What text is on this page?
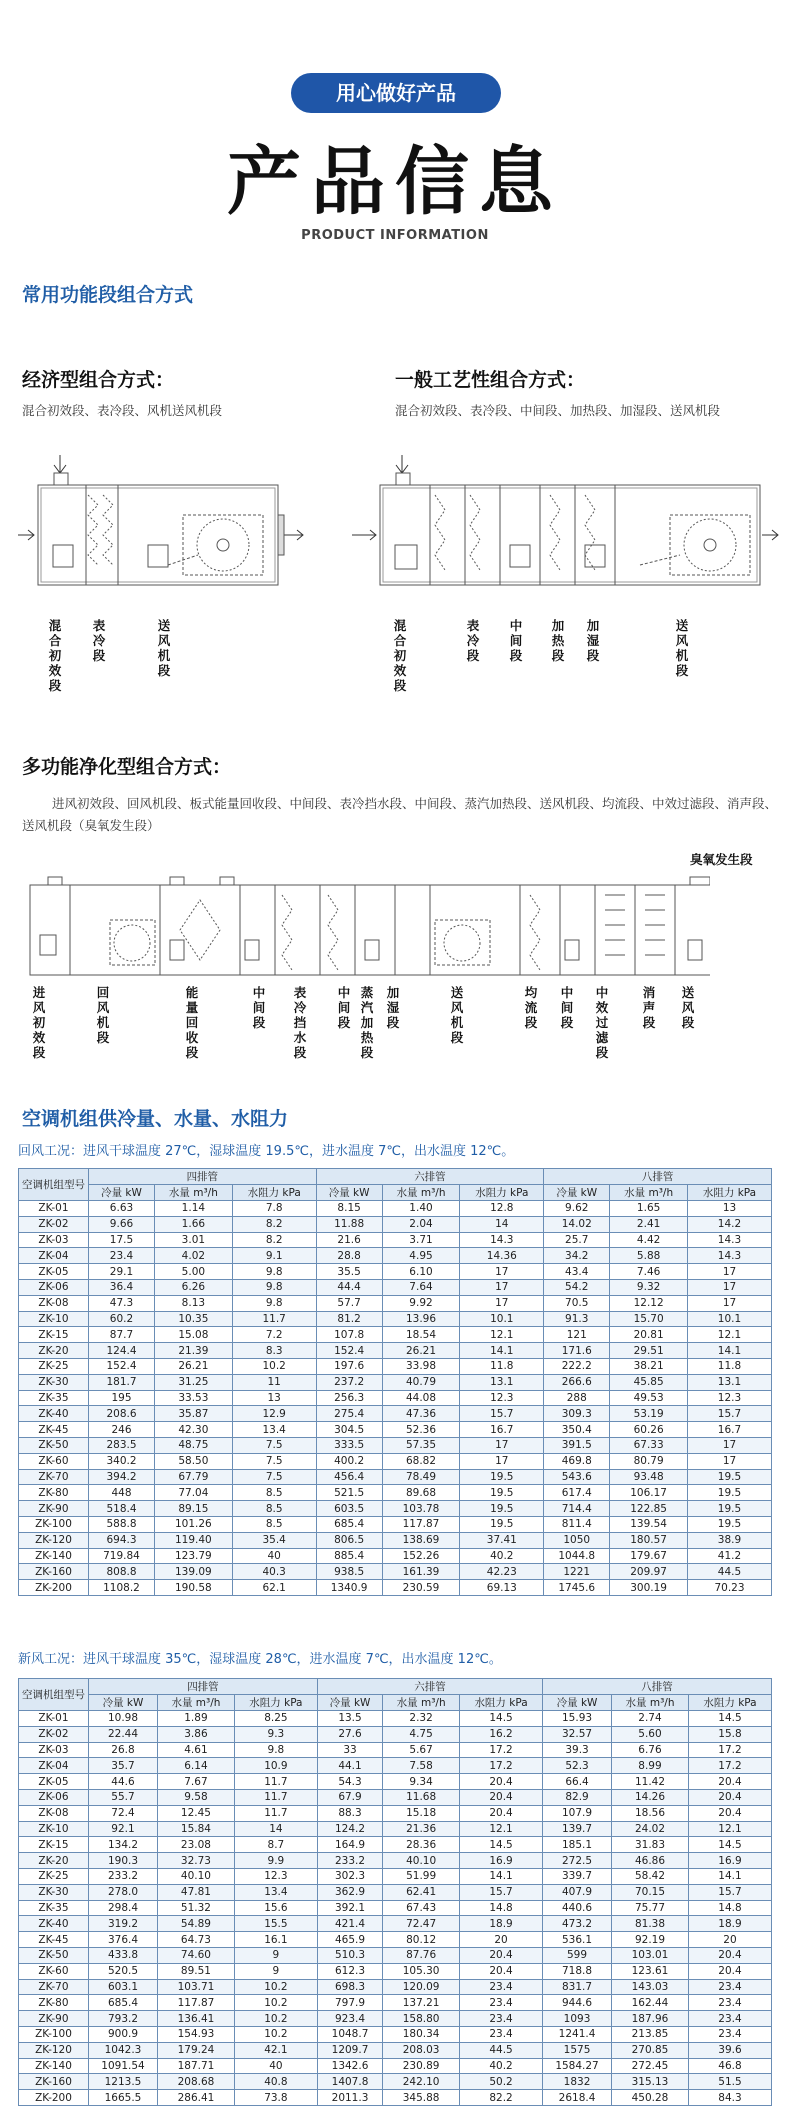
用心做好产品
产品信息
PRODUCT INFORMATION
常用功能段组合方式
经济型组合方式：
混合初效段、表冷段、风机送风机段
一般工艺性组合方式：
混合初效段、表冷段、中间段、加热段、加湿段、送风机段
混合初效段
表冷段
送风机段
混合初效段
表冷段
中间段
加热段
加湿段
送风机段
多功能净化型组合方式：
进风初效段、回风机段、板式能量回收段、中间段、表冷挡水段、中间段、蒸汽加热段、送风机段、均流段、中效过滤段、消声段、
送风机段（臭氧发生段）
臭氧发生段
进风初效段
回风机段
能量回收段
中间段
表冷挡水段
中间段
蒸汽加热段
加湿段
送风机段
均流段
中间段
中效过滤段
消声段
送风段
空调机组供冷量、水量、水阻力
回风工况：进风干球温度 27℃，湿球温度 19.5℃，进水温度 7℃，出水温度 12℃。
空调机组型号	四排管			六排管			八排管		
	冷量 kW	水量 m³/h	水阻力 kPa	冷量 kW	水量 m³/h	水阻力 kPa	冷量 kW	水量 m³/h	水阻力 kPa
ZK-01	6.63	1.14	7.8	8.15	1.40	12.8	9.62	1.65	13
ZK-02	9.66	1.66	8.2	11.88	2.04	14	14.02	2.41	14.2
ZK-03	17.5	3.01	8.2	21.6	3.71	14.3	25.7	4.42	14.3
ZK-04	23.4	4.02	9.1	28.8	4.95	14.36	34.2	5.88	14.3
ZK-05	29.1	5.00	9.8	35.5	6.10	17	43.4	7.46	17
ZK-06	36.4	6.26	9.8	44.4	7.64	17	54.2	9.32	17
ZK-08	47.3	8.13	9.8	57.7	9.92	17	70.5	12.12	17
ZK-10	60.2	10.35	11.7	81.2	13.96	10.1	91.3	15.70	10.1
ZK-15	87.7	15.08	7.2	107.8	18.54	12.1	121	20.81	12.1
ZK-20	124.4	21.39	8.3	152.4	26.21	14.1	171.6	29.51	14.1
ZK-25	152.4	26.21	10.2	197.6	33.98	11.8	222.2	38.21	11.8
ZK-30	181.7	31.25	11	237.2	40.79	13.1	266.6	45.85	13.1
ZK-35	195	33.53	13	256.3	44.08	12.3	288	49.53	12.3
ZK-40	208.6	35.87	12.9	275.4	47.36	15.7	309.3	53.19	15.7
ZK-45	246	42.30	13.4	304.5	52.36	16.7	350.4	60.26	16.7
ZK-50	283.5	48.75	7.5	333.5	57.35	17	391.5	67.33	17
ZK-60	340.2	58.50	7.5	400.2	68.82	17	469.8	80.79	17
ZK-70	394.2	67.79	7.5	456.4	78.49	19.5	543.6	93.48	19.5
ZK-80	448	77.04	8.5	521.5	89.68	19.5	617.4	106.17	19.5
ZK-90	518.4	89.15	8.5	603.5	103.78	19.5	714.4	122.85	19.5
ZK-100	588.8	101.26	8.5	685.4	117.87	19.5	811.4	139.54	19.5
ZK-120	694.3	119.40	35.4	806.5	138.69	37.41	1050	180.57	38.9
ZK-140	719.84	123.79	40	885.4	152.26	40.2	1044.8	179.67	41.2
ZK-160	808.8	139.09	40.3	938.5	161.39	42.23	1221	209.97	44.5
ZK-200	1108.2	190.58	62.1	1340.9	230.59	69.13	1745.6	300.19	70.23
新风工况：进风干球温度 35℃，湿球温度 28℃，进水温度 7℃，出水温度 12℃。
空调机组型号	四排管			六排管			八排管		
	冷量 kW	水量 m³/h	水阻力 kPa	冷量 kW	水量 m³/h	水阻力 kPa	冷量 kW	水量 m³/h	水阻力 kPa
ZK-01	10.98	1.89	8.25	13.5	2.32	14.5	15.93	2.74	14.5
ZK-02	22.44	3.86	9.3	27.6	4.75	16.2	32.57	5.60	15.8
ZK-03	26.8	4.61	9.8	33	5.67	17.2	39.3	6.76	17.2
ZK-04	35.7	6.14	10.9	44.1	7.58	17.2	52.3	8.99	17.2
ZK-05	44.6	7.67	11.7	54.3	9.34	20.4	66.4	11.42	20.4
ZK-06	55.7	9.58	11.7	67.9	11.68	20.4	82.9	14.26	20.4
ZK-08	72.4	12.45	11.7	88.3	15.18	20.4	107.9	18.56	20.4
ZK-10	92.1	15.84	14	124.2	21.36	12.1	139.7	24.02	12.1
ZK-15	134.2	23.08	8.7	164.9	28.36	14.5	185.1	31.83	14.5
ZK-20	190.3	32.73	9.9	233.2	40.10	16.9	272.5	46.86	16.9
ZK-25	233.2	40.10	12.3	302.3	51.99	14.1	339.7	58.42	14.1
ZK-30	278.0	47.81	13.4	362.9	62.41	15.7	407.9	70.15	15.7
ZK-35	298.4	51.32	15.6	392.1	67.43	14.8	440.6	75.77	14.8
ZK-40	319.2	54.89	15.5	421.4	72.47	18.9	473.2	81.38	18.9
ZK-45	376.4	64.73	16.1	465.9	80.12	20	536.1	92.19	20
ZK-50	433.8	74.60	9	510.3	87.76	20.4	599	103.01	20.4
ZK-60	520.5	89.51	9	612.3	105.30	20.4	718.8	123.61	20.4
ZK-70	603.1	103.71	10.2	698.3	120.09	23.4	831.7	143.03	23.4
ZK-80	685.4	117.87	10.2	797.9	137.21	23.4	944.6	162.44	23.4
ZK-90	793.2	136.41	10.2	923.4	158.80	23.4	1093	187.96	23.4
ZK-100	900.9	154.93	10.2	1048.7	180.34	23.4	1241.4	213.85	23.4
ZK-120	1042.3	179.24	42.1	1209.7	208.03	44.5	1575	270.85	39.6
ZK-140	1091.54	187.71	40	1342.6	230.89	40.2	1584.27	272.45	46.8
ZK-160	1213.5	208.68	40.8	1407.8	242.10	50.2	1832	315.13	51.5
ZK-200	1665.5	286.41	73.8	2011.3	345.88	82.2	2618.4	450.28	84.3
